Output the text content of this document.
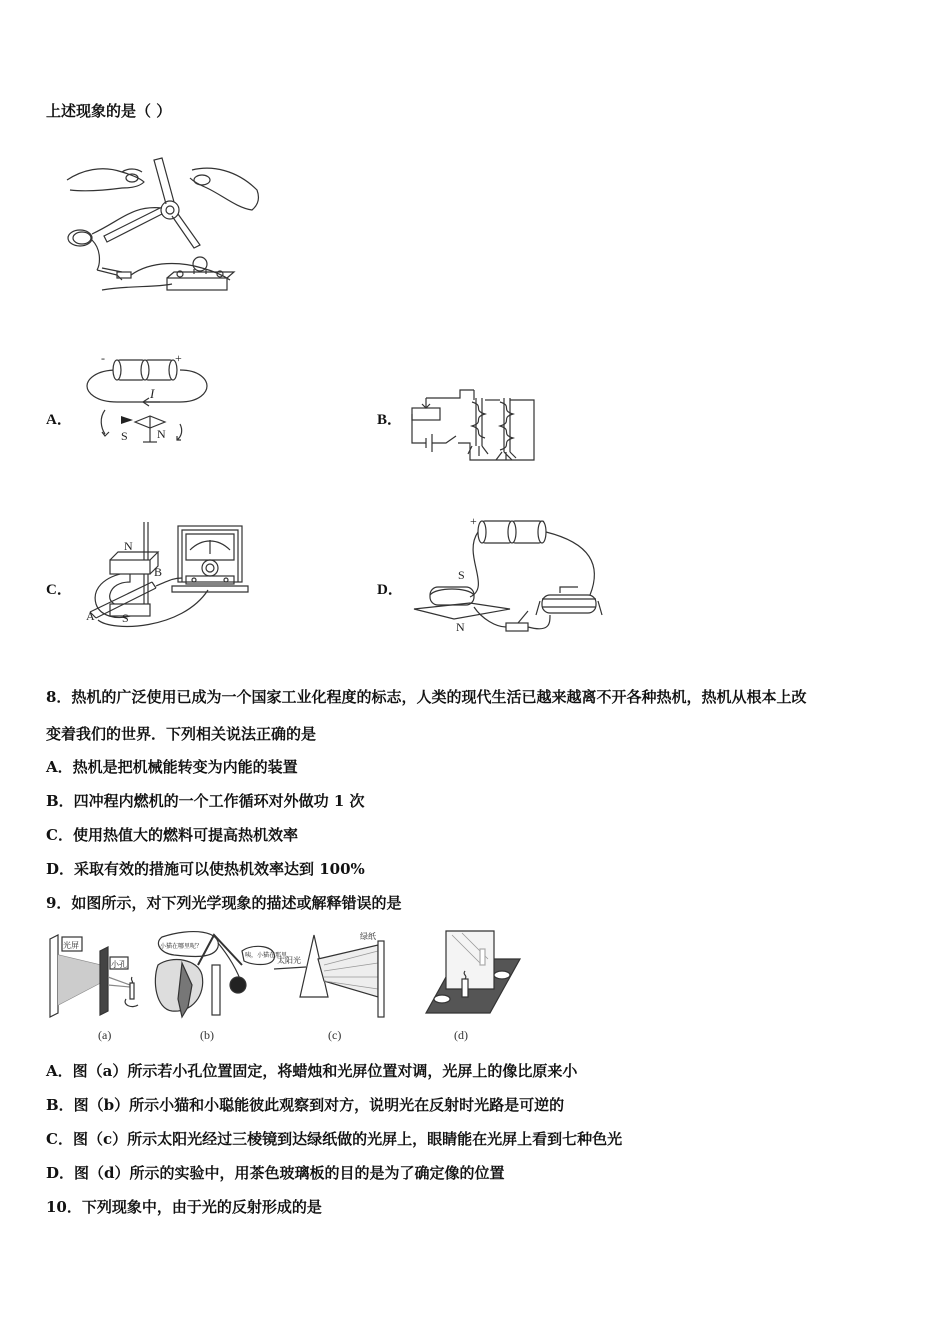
上述现象的是（ ）
A．
-	+
I
S N
B．
C．
N
B
A S
D．
+	−
S
N
8．热机的广泛使用已成为一个国家工业化程度的标志，人类的现代生活已越来越离不开各种热机，热机从根本上改
变着我们的世界．下列相关说法正确的是
A．热机是把机械能转变为内能的装置
B．四冲程内燃机的一个工作循环对外做功 1 次
C．使用热值大的燃料可提高热机效率
D．采取有效的措施可以使热机效率达到 100%
9．如图所示，对下列光学现象的描述或解释错误的是
光屏
小孔
(a)
小猫在哪里呢？
咦，小猫在那里
(b)
太阳光
绿纸
(c)	(d)
A．图（a）所示若小孔位置固定，将蜡烛和光屏位置对调，光屏上的像比原来小
B．图（b）所示小猫和小聪能彼此观察到对方，说明光在反射时光路是可逆的
C．图（c）所示太阳光经过三棱镜到达绿纸做的光屏上，眼睛能在光屏上看到七种色光
D．图（d）所示的实验中，用茶色玻璃板的目的是为了确定像的位置
10．下列现象中，由于光的反射形成的是
